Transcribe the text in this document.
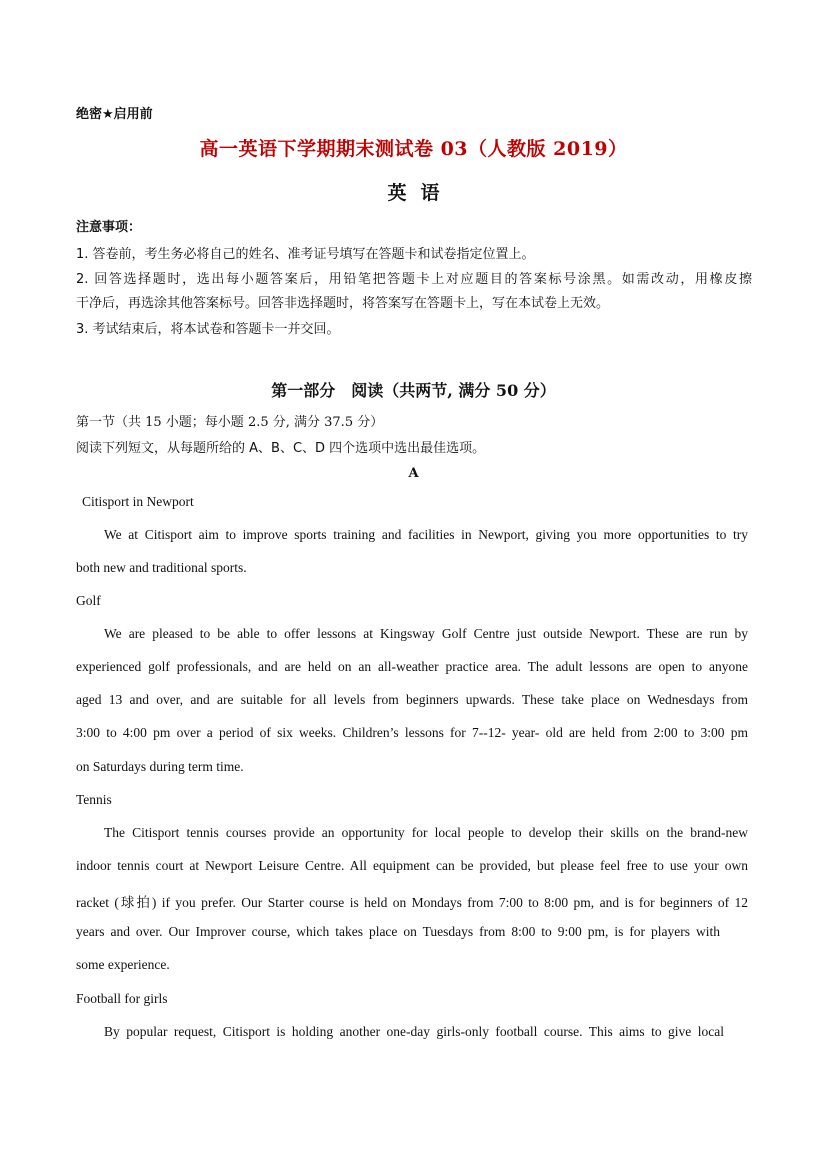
绝密★启用前
高一英语下学期期末测试卷 03（人教版 2019）
英语
注意事项：
1. 答卷前，考生务必将自己的姓名、准考证号填写在答题卡和试卷指定位置上。
2. 回答选择题时，选出每小题答案后，用铅笔把答题卡上对应题目的答案标号涂黑。如需改动，用橡皮擦
干净后，再选涂其他答案标号。回答非选择题时，将答案写在答题卡上，写在本试卷上无效。
3. 考试结束后，将本试卷和答题卡一并交回。
第一部分　阅读（共两节, 满分 50 分）
第一节（共 15 小题；每小题 2.5 分, 满分 37.5 分）
阅读下列短文，从每题所给的 A、B、C、D 四个选项中选出最佳选项。
A
Citisport in Newport
We at Citisport aim to improve sports training and facilities in Newport, giving you more opportunities to try
both new and traditional sports.
Golf
We are pleased to be able to offer lessons at Kingsway Golf Centre just outside Newport. These are run by
experienced golf professionals, and are held on an all-weather practice area. The adult lessons are open to anyone
aged 13 and over, and are suitable for all levels from beginners upwards. These take place on Wednesdays from
3:00 to 4:00 pm over a period of six weeks. Children’s lessons for 7--12- year- old are held from 2:00 to 3:00 pm
on Saturdays during term time.
Tennis
The Citisport tennis courses provide an opportunity for local people to develop their skills on the brand-new
indoor tennis court at Newport Leisure Centre. All equipment can be provided, but please feel free to use your own
racket (球拍) if you prefer. Our Starter course is held on Mondays from 7:00 to 8:00 pm, and is for beginners of 12
years and over. Our Improver course, which takes place on Tuesdays from 8:00 to 9:00 pm, is for players with
some experience.
Football for girls
By popular request, Citisport is holding another one-day girls-only football course. This aims to give local
